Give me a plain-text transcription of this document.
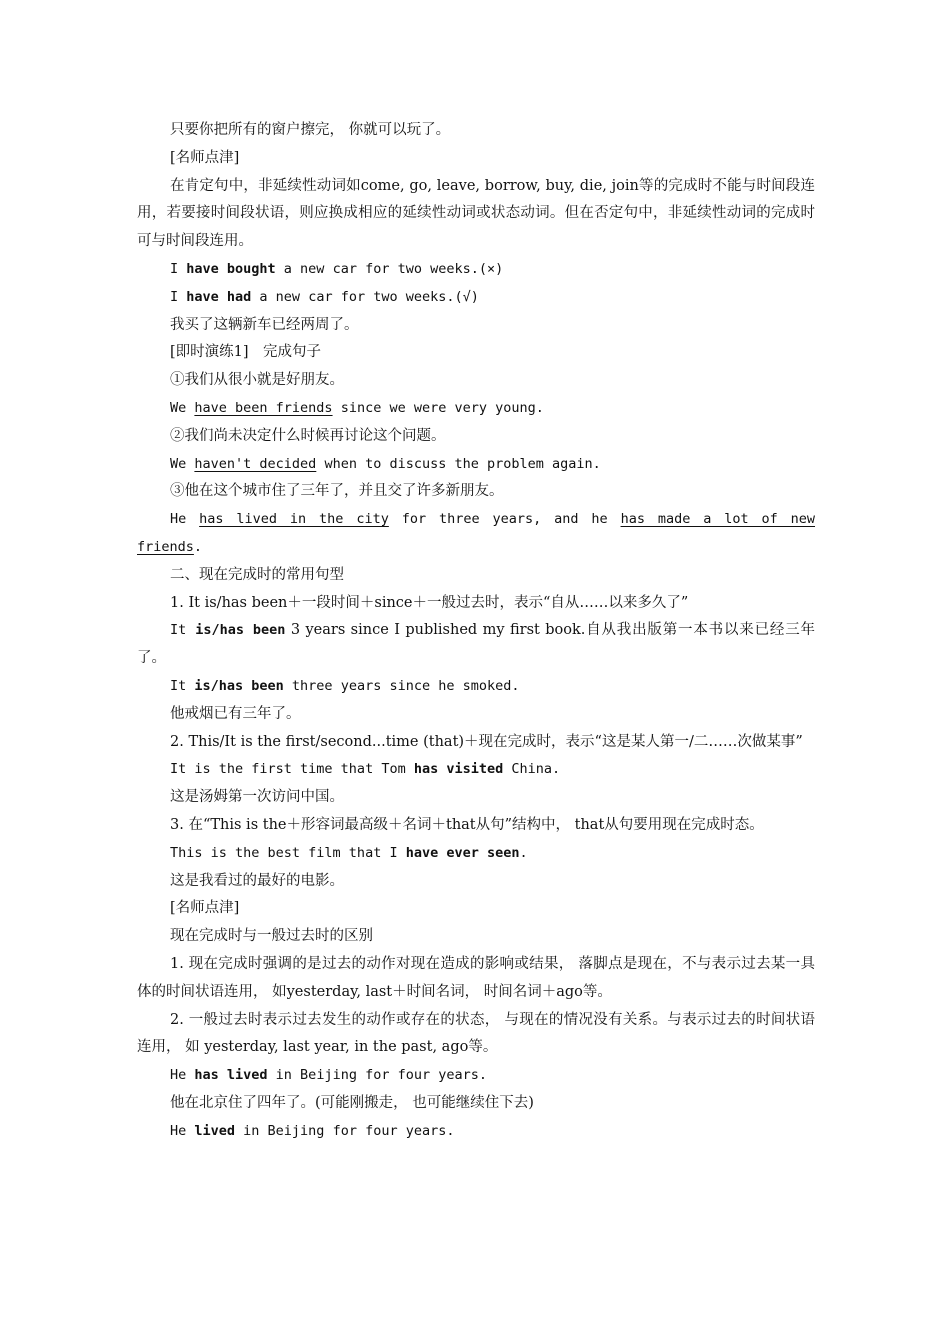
只要你把所有的窗户擦完， 你就可以玩了。
[名师点津]
在肯定句中，非延续性动词如come, go, leave, borrow, buy, die, join等的完成时不能与时间段连用，若要接时间段状语，则应换成相应的延续性动词或状态动词。但在否定句中，非延续性动词的完成时可与时间段连用。
I have bought a new car for two weeks.(×)
I have had a new car for two weeks.(√)
我买了这辆新车已经两周了。
[即时演练1]　完成句子
①我们从很小就是好朋友。
We have been friends since we were very young.
②我们尚未决定什么时候再讨论这个问题。
We haven't decided when to discuss the problem again.
③他在这个城市住了三年了，并且交了许多新朋友。
He has lived in the city for three years, and he has made a lot of new
friends.
二、现在完成时的常用句型
1. It is/has been＋一段时间＋since＋一般过去时，表示“自从……以来多久了”
It is/has been 3 years since I published my first book.自从我出版第一本书以来已经三年了。
It is/has been three years since he smoked.
他戒烟已有三年了。
2. This/It is the first/second...time (that)＋现在完成时，表示“这是某人第一/二……次做某事”
It is the first time that Tom has visited China.
这是汤姆第一次访问中国。
3. 在“This is the＋形容词最高级＋名词＋that从句”结构中， that从句要用现在完成时态。
This is the best film that I have ever seen.
这是我看过的最好的电影。
[名师点津]
现在完成时与一般过去时的区别
1. 现在完成时强调的是过去的动作对现在造成的影响或结果， 落脚点是现在，不与表示过去某一具体的时间状语连用， 如yesterday, last＋时间名词， 时间名词＋ago等。
2. 一般过去时表示过去发生的动作或存在的状态， 与现在的情况没有关系。与表示过去的时间状语连用， 如 yesterday, last year, in the past, ago等。
He has lived in Beijing for four years.
他在北京住了四年了。(可能刚搬走， 也可能继续住下去)
He lived in Beijing for four years.
